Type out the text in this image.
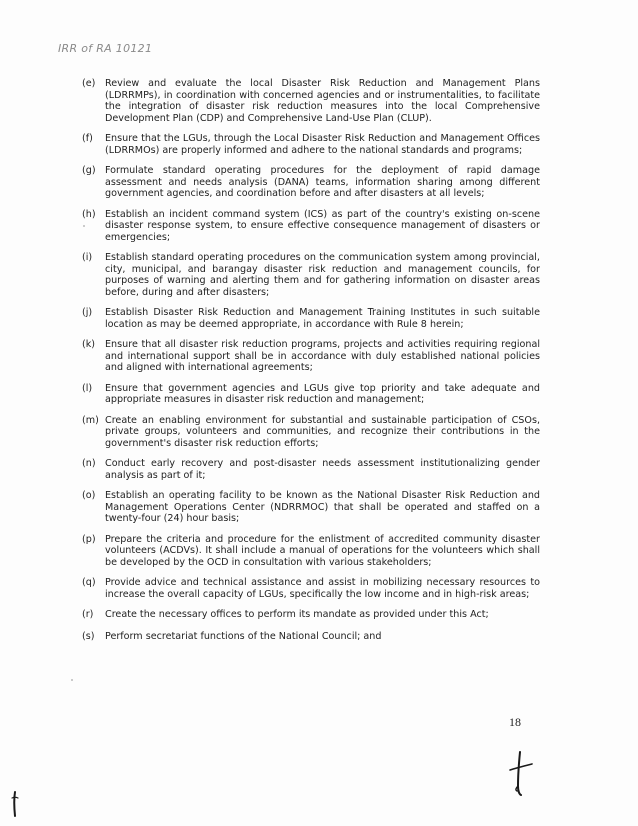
IRR of RA 10121
(e)	Review and evaluate the local Disaster Risk Reduction and Management Plans (LDRRMPs), in coordination with concerned agencies and or instrumentalities, to facilitate the integration of disaster risk reduction measures into the local Comprehensive Development Plan (CDP) and Comprehensive Land-Use Plan (CLUP).
(f)	Ensure that the LGUs, through the Local Disaster Risk Reduction and Management Offices (LDRRMOs) are properly informed and adhere to the national standards and programs;
(g) Formulate standard operating procedures for the deployment of rapid damage assessment and needs analysis (DANA) teams, information sharing among different government agencies, and coordination before and after disasters at all levels;
(h) Establish an incident command system (ICS) as part of the country's existing on-scene disaster response system, to ensure effective consequence management of disasters or emergencies;
(i)	Establish standard operating procedures on the communication system among provincial, city, municipal, and barangay disaster risk reduction and management councils, for purposes of warning and alerting them and for gathering information on disaster areas before, during and after disasters;
(j)	Establish Disaster Risk Reduction and Management Training Institutes in such suitable location as may be deemed appropriate, in accordance with Rule 8 herein;
(k)	Ensure that all disaster risk reduction programs, projects and activities requiring regional and international support shall be in accordance with duly established national policies and aligned with international agreements;
(l)	Ensure that government agencies and LGUs give top priority and take adequate and appropriate measures in disaster risk reduction and management;
(m) Create an enabling environment for substantial and sustainable participation of CSOs, private groups, volunteers and communities, and recognize their contributions in the government's disaster risk reduction efforts;
(n) Conduct early recovery and post-disaster needs assessment institutionalizing gender analysis as part of it;
(o)	Establish an operating facility to be known as the National Disaster Risk Reduction and Management Operations Center (NDRRMOC) that shall be operated and staffed on a twenty-four (24) hour basis;
(p) Prepare the criteria and procedure for the enlistment of accredited community disaster volunteers (ACDVs). It shall include a manual of operations for the volunteers which shall be developed by the OCD in consultation with various stakeholders;
(q) Provide advice and technical assistance and assist in mobilizing necessary resources to increase the overall capacity of LGUs, specifically the low income and in high-risk areas;
(r)	Create the necessary offices to perform its mandate as provided under this Act;
(s)	Perform secretariat functions of the National Council; and
18
